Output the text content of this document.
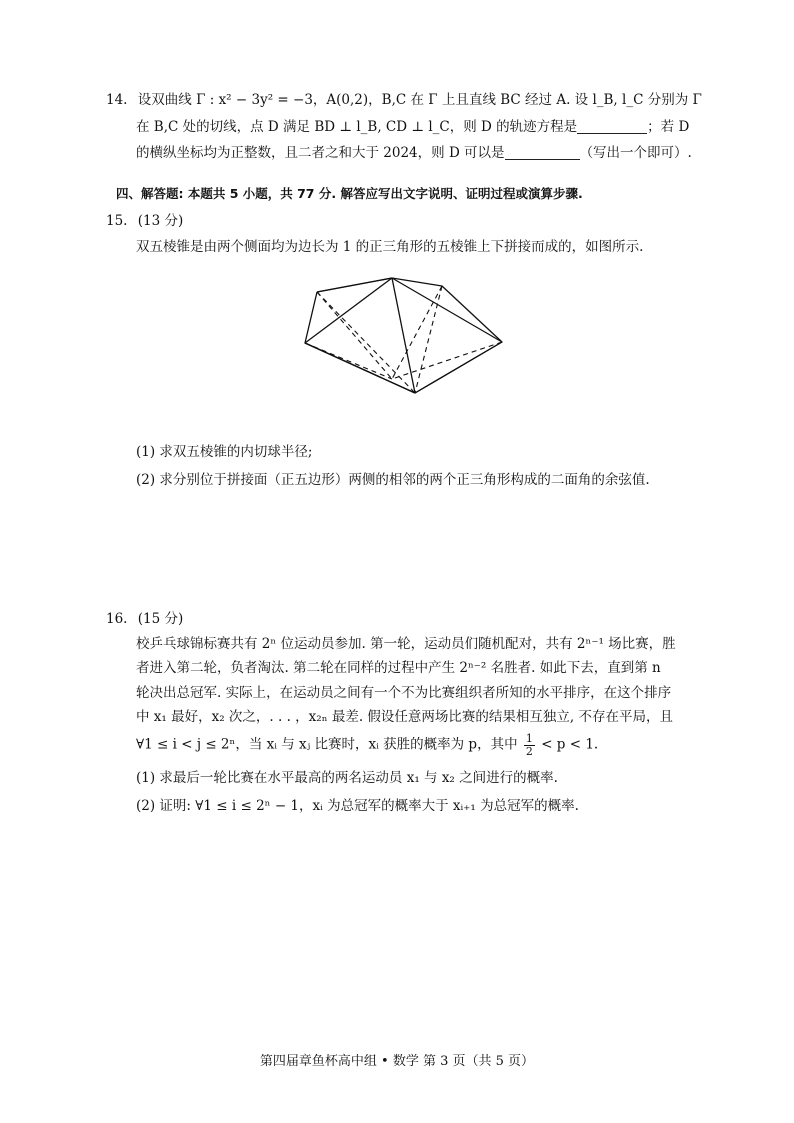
14. 设双曲线 Γ : x² − 3y² = −3，A(0,2)，B,C 在 Γ 上且直线 BC 经过 A. 设 l_B, l_C 分别为 Γ
在 B,C 处的切线，点 D 满足 BD ⊥ l_B, CD ⊥ l_C，则 D 的轨迹方程是	；若 D
的横纵坐标均为正整数，且二者之和大于 2024，则 D 可以是	（写出一个即可）.
四、解答题: 本题共 5 小题，共 77 分. 解答应写出文字说明、证明过程或演算步骤.
15. (13 分)
双五棱锥是由两个侧面均为边长为 1 的正三角形的五棱锥上下拼接而成的，如图所示.
(1) 求双五棱锥的内切球半径;
(2) 求分别位于拼接面（正五边形）两侧的相邻的两个正三角形构成的二面角的余弦值.
16. (15 分)
校乒乓球锦标赛共有 2ⁿ 位运动员参加. 第一轮，运动员们随机配对，共有 2ⁿ⁻¹ 场比赛，胜
者进入第二轮，负者淘汰. 第二轮在同样的过程中产生 2ⁿ⁻² 名胜者. 如此下去，直到第 n
轮决出总冠军. 实际上，在运动员之间有一个不为比赛组织者所知的水平排序，在这个排序
中 x₁ 最好，x₂ 次之，. . . ，x₂ₙ 最差. 假设任意两场比赛的结果相互独立, 不存在平局，且
∀1 ≤ i < j ≤ 2ⁿ，当 xᵢ 与 xⱼ 比赛时，xᵢ 获胜的概率为 p，其中 $\frac{1}{2} < p < 1$.
(1) 求最后一轮比赛在水平最高的两名运动员 x₁ 与 x₂ 之间进行的概率.
(2) 证明: ∀1 ≤ i ≤ 2ⁿ − 1，xᵢ 为总冠军的概率大于 xᵢ₊₁ 为总冠军的概率.
第四届章鱼杯高中组 • 数学 第 3 页（共 5 页）
